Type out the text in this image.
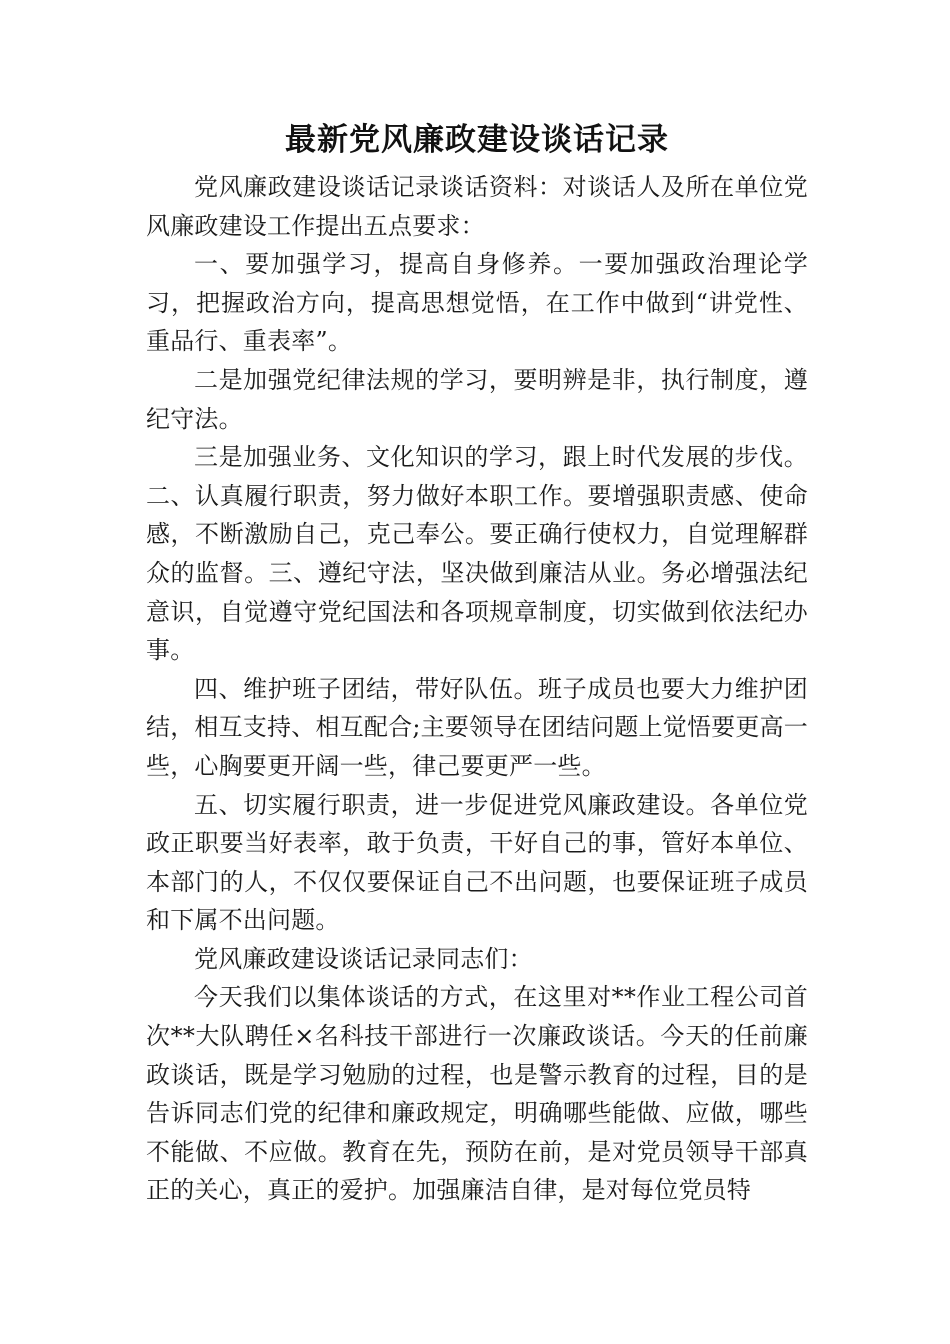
最新党风廉政建设谈话记录

党风廉政建设谈话记录谈话资料：对谈话人及所在单位党风廉政建设工作提出五点要求：

一、要加强学习，提高自身修养。一要加强政治理论学习，把握政治方向，提高思想觉悟，在工作中做到“讲党性、重品行、重表率”。

二是加强党纪律法规的学习，要明辨是非，执行制度，遵纪守法。

三是加强业务、文化知识的学习，跟上时代发展的步伐。二、认真履行职责，努力做好本职工作。要增强职责感、使命感，不断激励自己，克己奉公。要正确行使权力，自觉理解群众的监督。三、遵纪守法，坚决做到廉洁从业。务必增强法纪意识，自觉遵守党纪国法和各项规章制度，切实做到依法纪办事。

四、维护班子团结，带好队伍。班子成员也要大力维护团结，相互支持、相互配合;主要领导在团结问题上觉悟要更高一些，心胸要更开阔一些，律己要更严一些。

五、切实履行职责，进一步促进党风廉政建设。各单位党政正职要当好表率，敢于负责，干好自己的事，管好本单位、本部门的人，不仅仅要保证自己不出问题，也要保证班子成员和下属不出问题。

党风廉政建设谈话记录同志们：

今天我们以集体谈话的方式，在这里对**作业工程公司首次**大队聘任×名科技干部进行一次廉政谈话。今天的任前廉政谈话，既是学习勉励的过程，也是警示教育的过程，目的是告诉同志们党的纪律和廉政规定，明确哪些能做、应做，哪些不能做、不应做。教育在先，预防在前，是对党员领导干部真正的关心，真正的爱护。加强廉洁自律，是对每位党员特
